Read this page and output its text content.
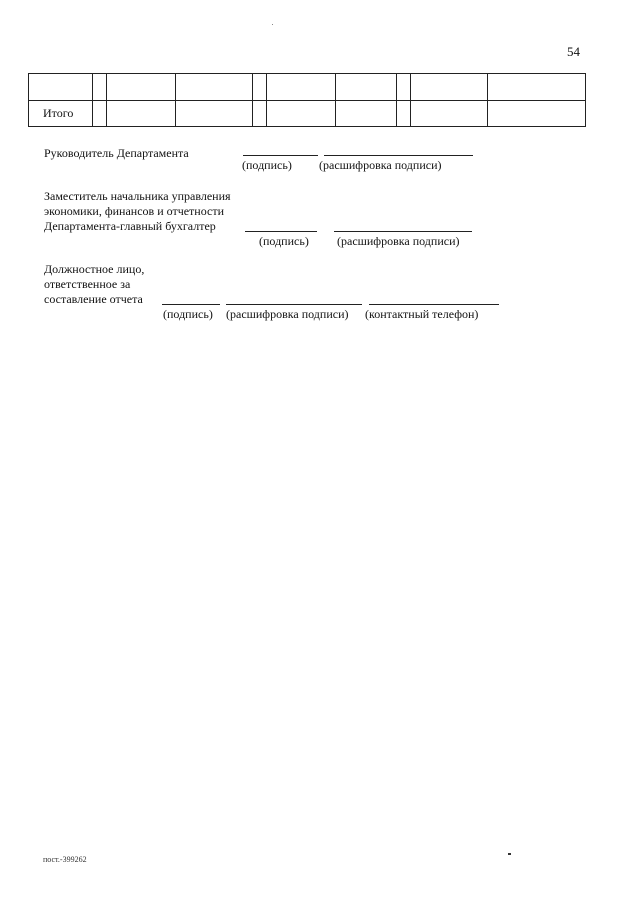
54

Итого									
Руководитель Департамента
(подпись) (расшифровка подписи)
Заместитель начальника управления
экономики, финансов и отчетности
Департамента-главный бухгалтер
(подпись) (расшифровка подписи)
Должностное лицо,
ответственное за
составление отчета
(подпись) (расшифровка подписи) (контактный телефон)
пост.-399262
